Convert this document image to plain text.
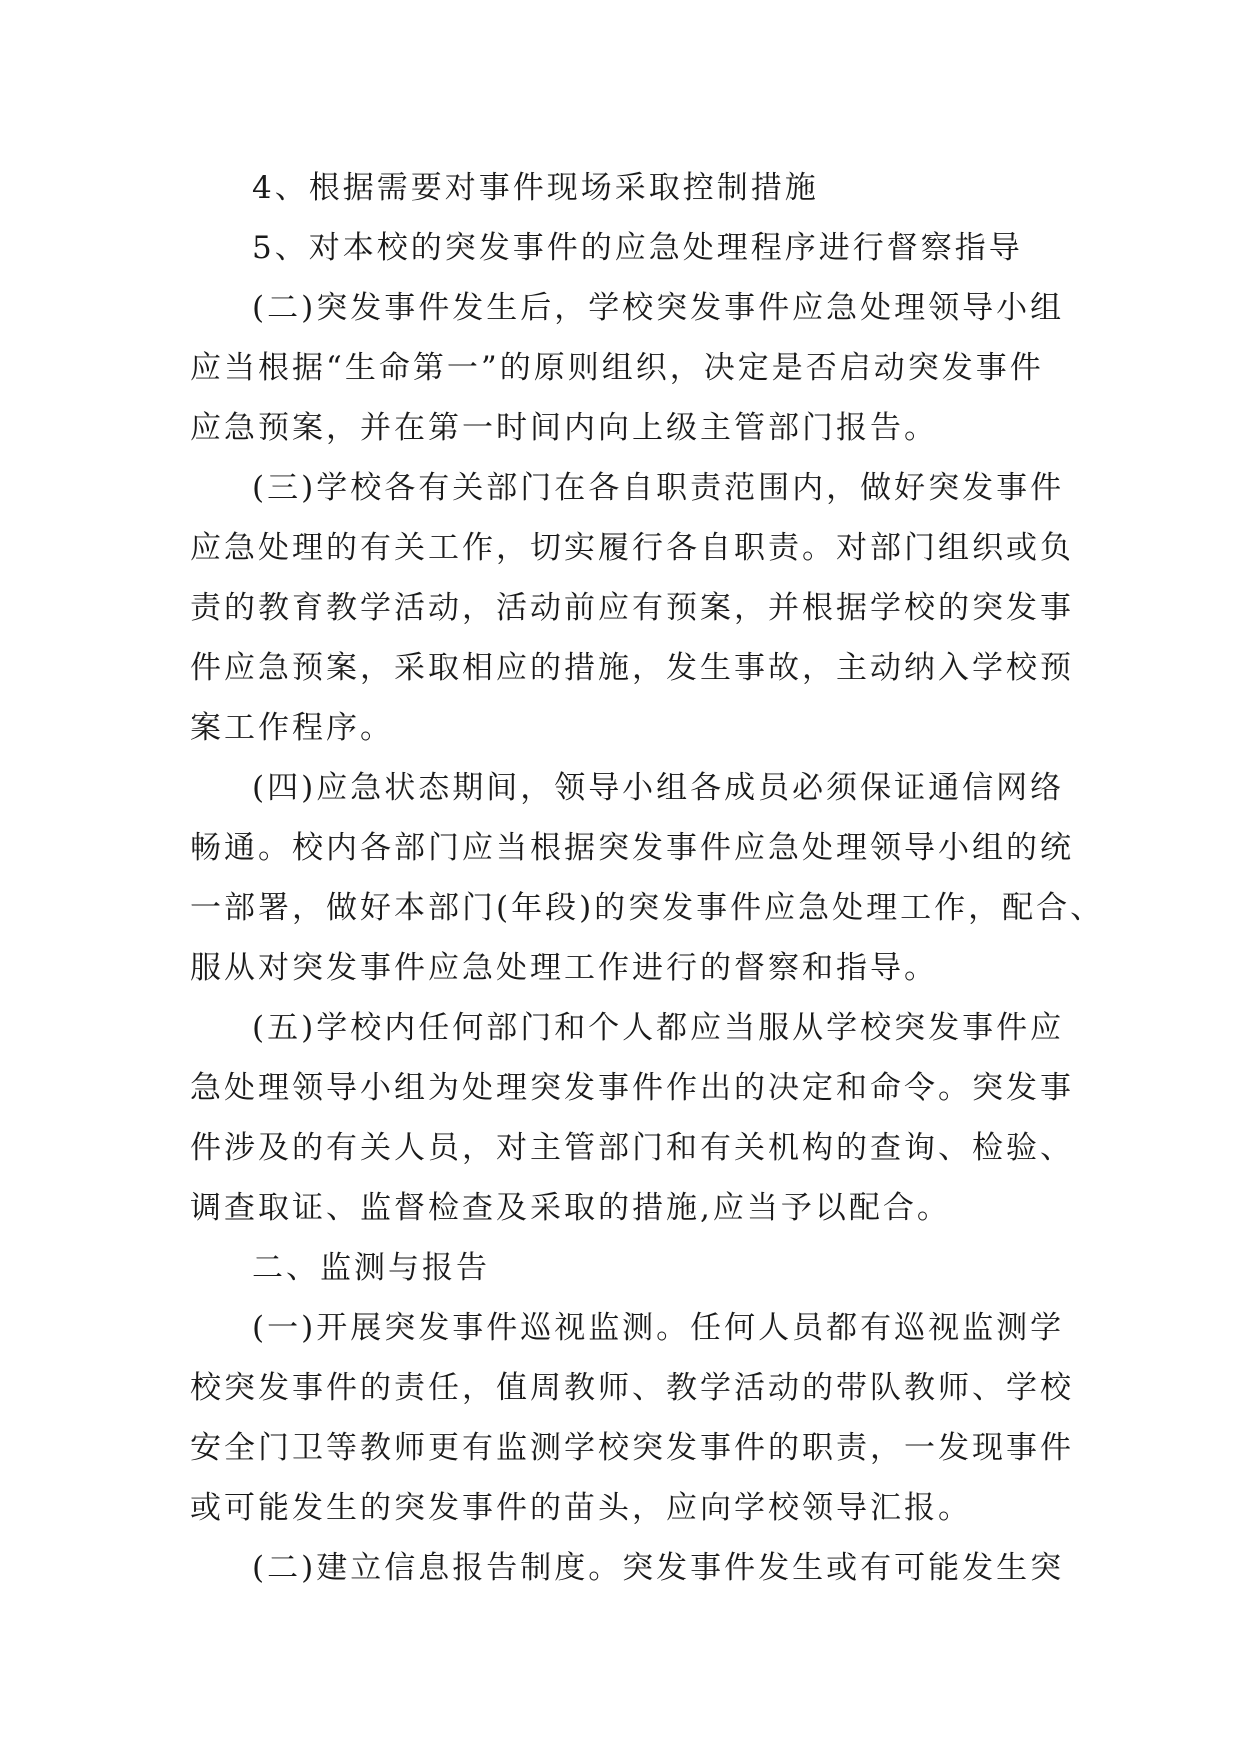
4、根据需要对事件现场采取控制措施

5、对本校的突发事件的应急处理程序进行督察指导

(二)突发事件发生后，学校突发事件应急处理领导小组
应当根据“生命第一”的原则组织，决定是否启动突发事件
应急预案，并在第一时间内向上级主管部门报告。

(三)学校各有关部门在各自职责范围内，做好突发事件
应急处理的有关工作，切实履行各自职责。对部门组织或负
责的教育教学活动，活动前应有预案，并根据学校的突发事
件应急预案，采取相应的措施，发生事故，主动纳入学校预
案工作程序。

(四)应急状态期间，领导小组各成员必须保证通信网络
畅通。校内各部门应当根据突发事件应急处理领导小组的统
一部署，做好本部门(年段)的突发事件应急处理工作，配合、
服从对突发事件应急处理工作进行的督察和指导。

(五)学校内任何部门和个人都应当服从学校突发事件应
急处理领导小组为处理突发事件作出的决定和命令。突发事
件涉及的有关人员，对主管部门和有关机构的查询、检验、
调查取证、监督检查及采取的措施,应当予以配合。

二、监测与报告

(一)开展突发事件巡视监测。任何人员都有巡视监测学
校突发事件的责任，值周教师、教学活动的带队教师、学校
安全门卫等教师更有监测学校突发事件的职责，一发现事件
或可能发生的突发事件的苗头，应向学校领导汇报。

(二)建立信息报告制度。突发事件发生或有可能发生突
